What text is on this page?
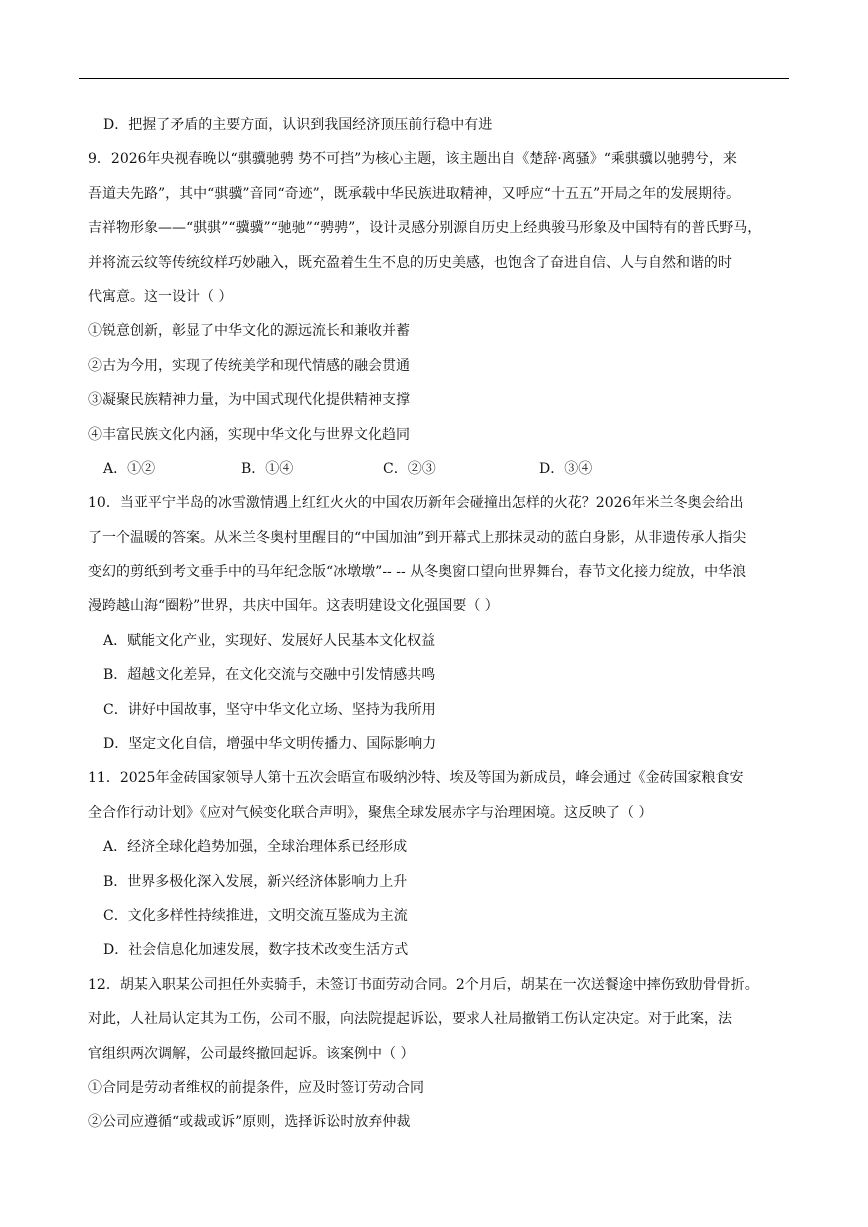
D．把握了矛盾的主要方面，认识到我国经济顶压前行稳中有进
9．2026年央视春晚以“骐骥驰骋 势不可挡”为核心主题，该主题出自《楚辞·离骚》“乘骐骥以驰骋兮，来
吾道夫先路”，其中“骐骥”音同“奇迹”，既承载中华民族进取精神，又呼应“十五五”开局之年的发展期待。
吉祥物形象——“骐骐”“骥骥”“驰驰”“骋骋”，设计灵感分别源自历史上经典骏马形象及中国特有的普氏野马，
并将流云纹等传统纹样巧妙融入，既充盈着生生不息的历史美感，也饱含了奋进自信、人与自然和谐的时
代寓意。这一设计（ ）
①锐意创新，彰显了中华文化的源远流长和兼收并蓄
②古为今用，实现了传统美学和现代情感的融会贯通
③凝聚民族精神力量，为中国式现代化提供精神支撑
④丰富民族文化内涵，实现中华文化与世界文化趋同
A．①②	B．①④	C．②③	D．③④
10．当亚平宁半岛的冰雪激情遇上红红火火的中国农历新年会碰撞出怎样的火花？2026年米兰冬奥会给出
了一个温暖的答案。从米兰冬奥村里醒目的“中国加油”到开幕式上那抹灵动的蓝白身影，从非遗传承人指尖
变幻的剪纸到考文垂手中的马年纪念版“冰墩墩”-- -- 从冬奥窗口望向世界舞台，春节文化接力绽放，中华浪
漫跨越山海“圈粉”世界，共庆中国年。这表明建设文化强国要（ ）
A．赋能文化产业，实现好、发展好人民基本文化权益
B．超越文化差异，在文化交流与交融中引发情感共鸣
C．讲好中国故事，坚守中华文化立场、坚持为我所用
D．坚定文化自信，增强中华文明传播力、国际影响力
11．2025年金砖国家领导人第十五次会晤宣布吸纳沙特、埃及等国为新成员，峰会通过《金砖国家粮食安
全合作行动计划》《应对气候变化联合声明》，聚焦全球发展赤字与治理困境。这反映了（ ）
A．经济全球化趋势加强，全球治理体系已经形成
B．世界多极化深入发展，新兴经济体影响力上升
C．文化多样性持续推进，文明交流互鉴成为主流
D．社会信息化加速发展，数字技术改变生活方式
12．胡某入职某公司担任外卖骑手，未签订书面劳动合同。2个月后，胡某在一次送餐途中摔伤致肋骨骨折。
对此，人社局认定其为工伤，公司不服，向法院提起诉讼，要求人社局撤销工伤认定决定。对于此案，法
官组织两次调解，公司最终撤回起诉。该案例中（ ）
①合同是劳动者维权的前提条件，应及时签订劳动合同
②公司应遵循“或裁或诉”原则，选择诉讼时放弃仲裁
